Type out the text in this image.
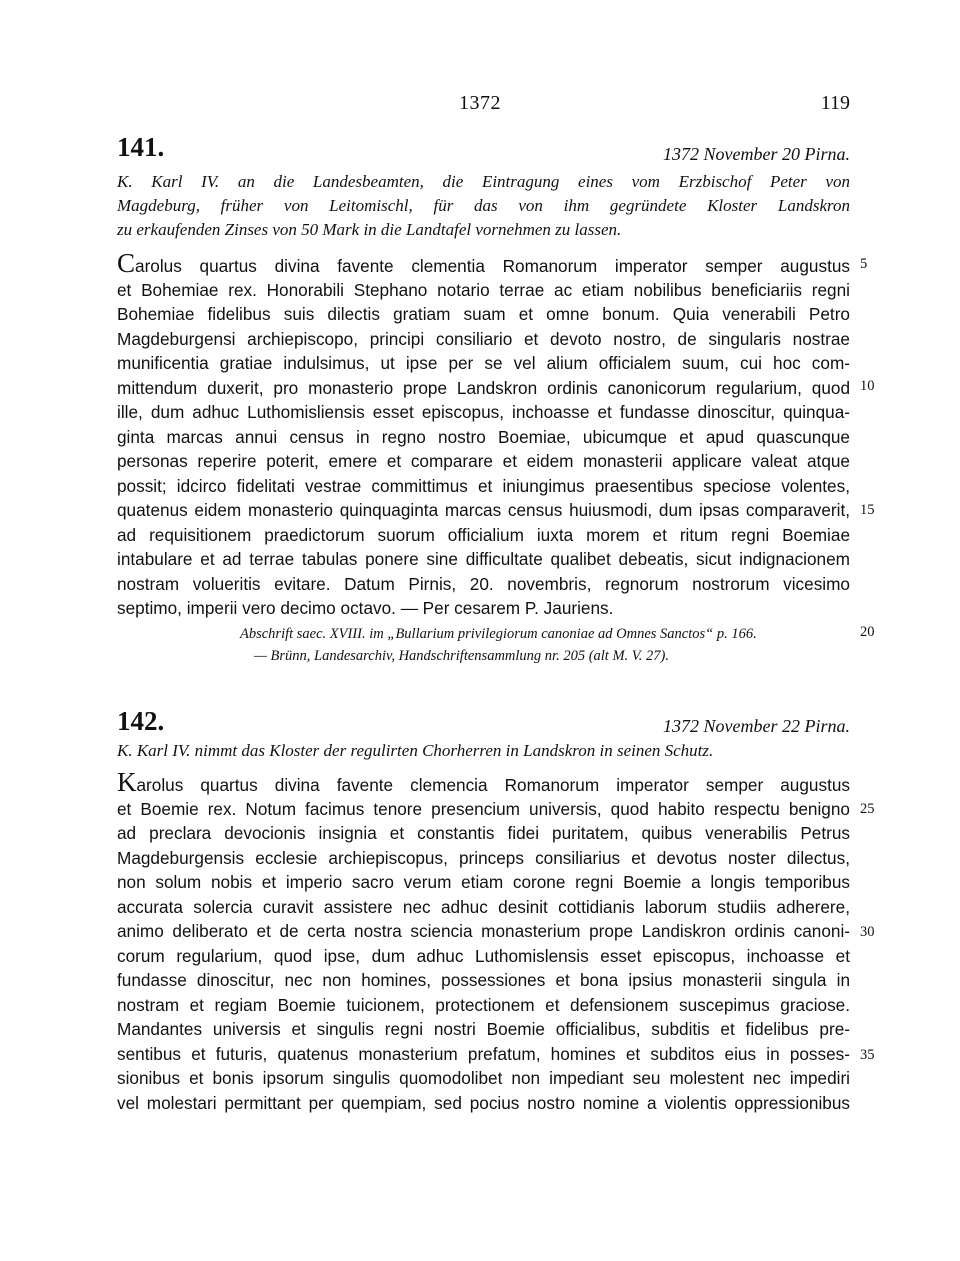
1372	119
141.	1372 November 20 Pirna.

K. Karl IV. an die Landesbeamten, die Eintragung eines vom Erzbischof Peter von
Magdeburg, früher von Leitomischl, für das von ihm gegründete Kloster Landskron
zu erkaufenden Zinses von 50 Mark in die Landtafel vornehmen zu lassen.

Carolus quartus divina favente clementia Romanorum imperator semper augustus
et Bohemiae rex. Honorabili Stephano notario terrae ac etiam nobilibus beneficiariis regni
Bohemiae fidelibus suis dilectis gratiam suam et omne bonum. Quia venerabili Petro
Magdeburgensi archiepiscopo, principi consiliario et devoto nostro, de singularis nostrae
munificentia gratiae indulsimus, ut ipse per se vel alium officialem suum, cui hoc com-
mittendum duxerit, pro monasterio prope Landskron ordinis canonicorum regularium, quod
ille, dum adhuc Luthomisliensis esset episcopus, inchoasse et fundasse dinoscitur, quinqua-
ginta marcas annui census in regno nostro Boemiae, ubicumque et apud quascunque
personas reperire poterit, emere et comparare et eidem monasterii applicare valeat atque
possit; idcirco fidelitati vestrae committimus et iniungimus praesentibus speciose volentes,
quatenus eidem monasterio quinquaginta marcas census huiusmodi, dum ipsas comparaverit,
ad requisitionem praedictorum suorum officialium iuxta morem et ritum regni Boemiae
intabulare et ad terrae tabulas ponere sine difficultate qualibet debeatis, sicut indignacionem
nostram volueritis evitare. Datum Pirnis, 20. novembris, regnorum nostrorum vicesimo
septimo, imperii vero decimo octavo. — Per cesarem P. Jauriens.
Abschrift saec. XVIII. im „Bullarium privilegiorum canoniae ad Omnes Sanctos“ p. 166.
— Brünn, Landesarchiv, Handschriftensammlung nr. 205 (alt M. V. 27).
142.	1372 November 22 Pirna.

K. Karl IV. nimmt das Kloster der regulirten Chorherren in Landskron in seinen Schutz.

Karolus quartus divina favente clemencia Romanorum imperator semper augustus
et Boemie rex. Notum facimus tenore presencium universis, quod habito respectu benigno
ad preclara devocionis insignia et constantis fidei puritatem, quibus venerabilis Petrus
Magdeburgensis ecclesie archiepiscopus, princeps consiliarius et devotus noster dilectus,
non solum nobis et imperio sacro verum etiam corone regni Boemie a longis temporibus
accurata solercia curavit assistere nec adhuc desinit cottidianis laborum studiis adherere,
animo deliberato et de certa nostra sciencia monasterium prope Landiskron ordinis canoni-
corum regularium, quod ipse, dum adhuc Luthomislensis esset episcopus, inchoasse et
fundasse dinoscitur, nec non homines, possessiones et bona ipsius monasterii singula in
nostram et regiam Boemie tuicionem, protectionem et defensionem suscepimus graciose.
Mandantes universis et singulis regni nostri Boemie officialibus, subditis et fidelibus pre-
sentibus et futuris, quatenus monasterium prefatum, homines et subditos eius in posses-
sionibus et bonis ipsorum singulis quomodolibet non impediant seu molestent nec impediri
vel molestari permittant per quempiam, sed pocius nostro nomine a violentis oppressionibus
5
10
15
20
25
30
35
